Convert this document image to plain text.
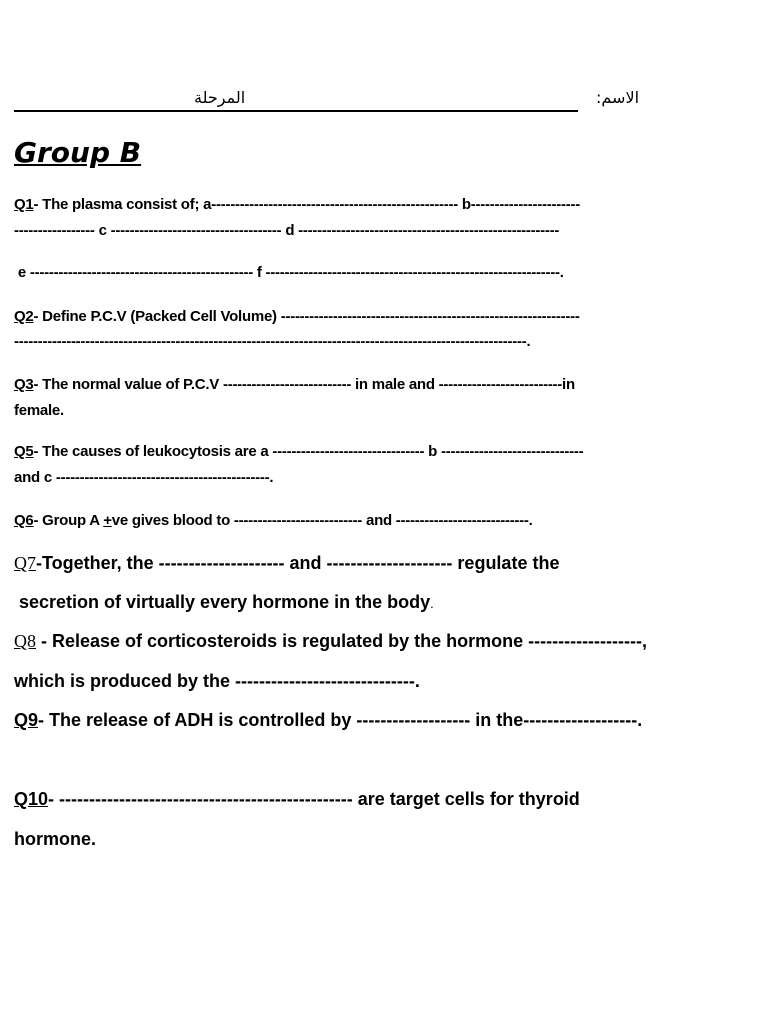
المرحلة	الاسم:
Group B
Q1- The plasma consist of; a---------------------------------------------------- b-----------------------
----------------- c ------------------------------------ d -------------------------------------------------------
e ----------------------------------------------- f --------------------------------------------------------------.
Q2- Define P.C.V (Packed Cell Volume) ---------------------------------------------------------------
------------------------------------------------------------------------------------------------------------.
Q3- The normal value of P.C.V --------------------------- in male and --------------------------in
female.
Q5- The causes of leukocytosis are a -------------------------------- b ------------------------------
and c ---------------------------------------------.
Q6- Group A +ve gives blood to --------------------------- and ----------------------------.
Q7-Together, the --------------------- and --------------------- regulate the
secretion of virtually every hormone in the body.
Q8 - Release of corticosteroids is regulated by the hormone -------------------,
which is produced by the ------------------------------.
Q9- The release of ADH is controlled by ------------------- in the-------------------.
Q10- ------------------------------------------------- are target cells for thyroid
hormone.
